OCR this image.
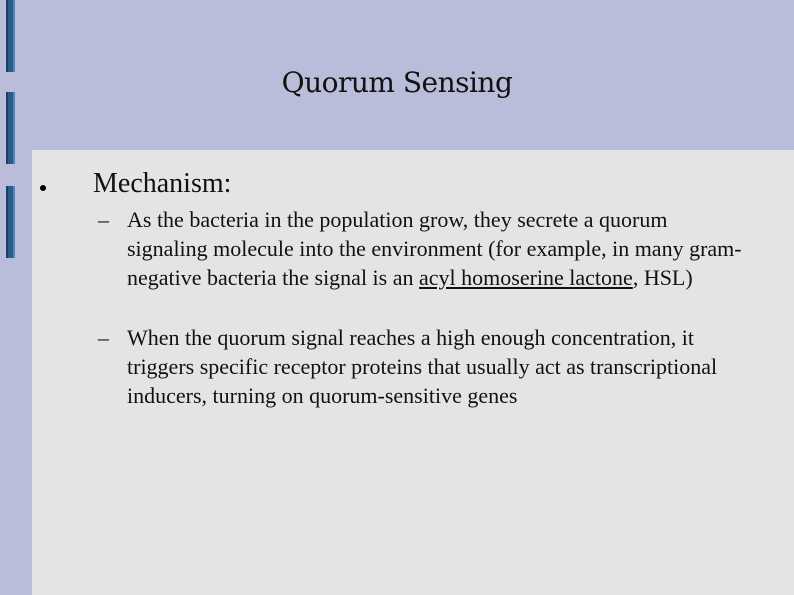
Quorum Sensing
Mechanism:
– As the bacteria in the population grow, they secrete a quorum signaling molecule into the environment (for example, in many gram-negative bacteria the signal is an acyl homoserine lactone, HSL)
– When the quorum signal reaches a high enough concentration, it triggers specific receptor proteins that usually act as transcriptional inducers, turning on quorum-sensitive genes
